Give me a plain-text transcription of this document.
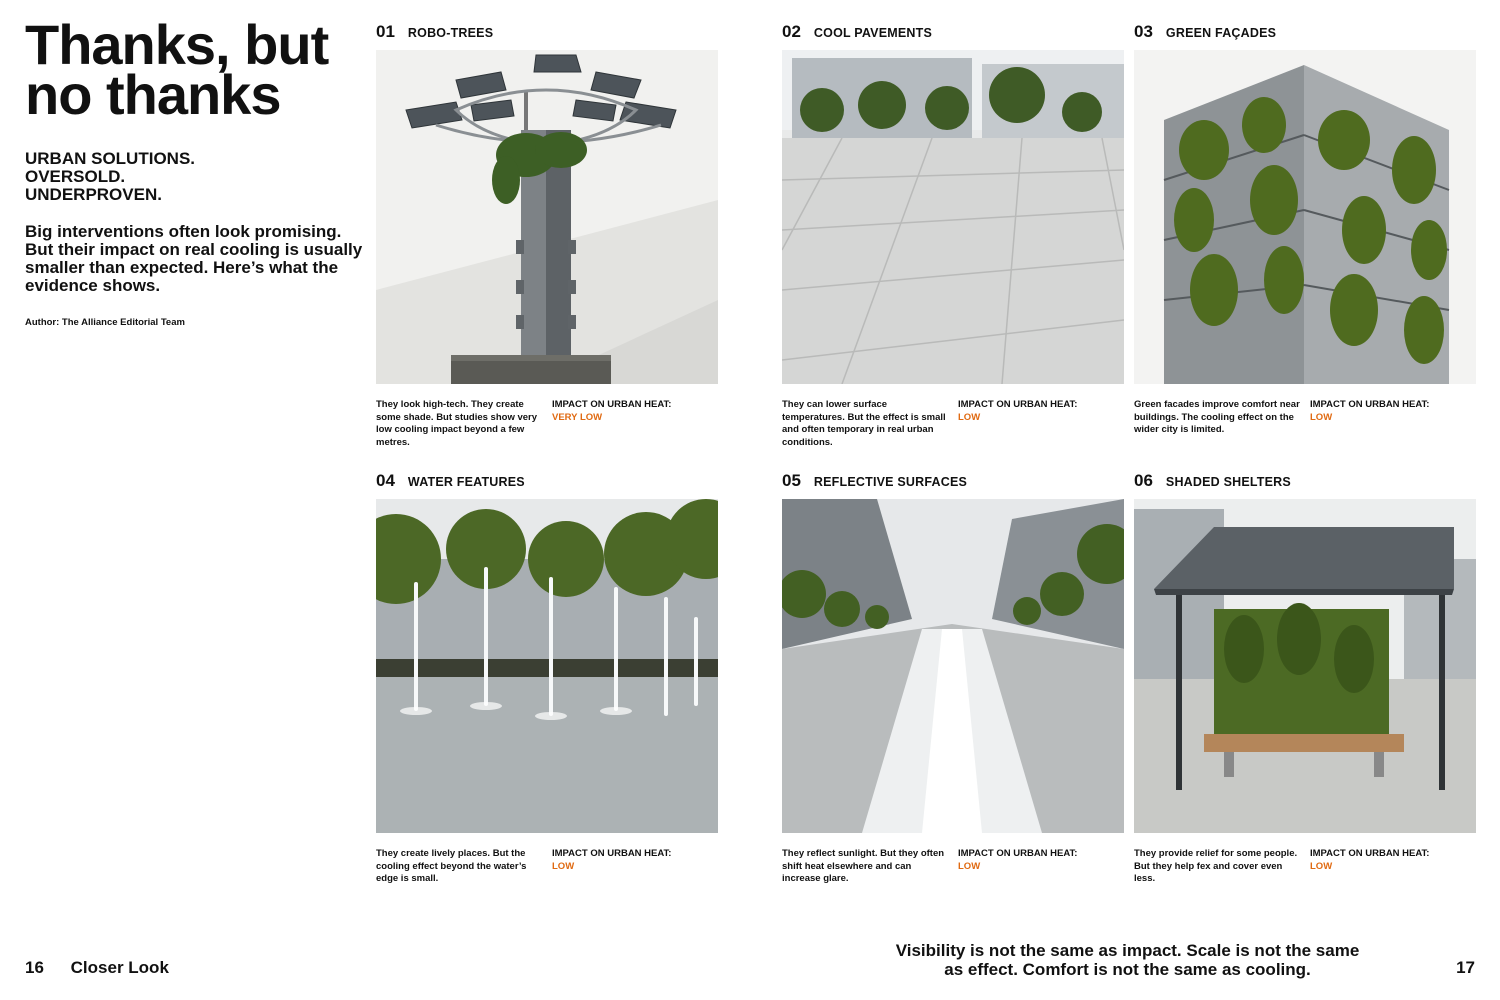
Thanks, but
no thanks
URBAN SOLUTIONS.
OVERSOLD.
UNDERPROVEN.

Big interventions often look promising. But their impact on real cooling is usually smaller than expected. Here’s what the evidence shows.

Author: The Alliance Editorial Team

01 ROBO-TREES

They look high-tech. They create some shade. But studies show very low cooling impact beyond a few metres.

IMPACT ON URBAN HEAT:
VERY LOW

02 COOL PAVEMENTS

They can lower surface temperatures. But the effect is small and often temporary in real urban conditions.

IMPACT ON URBAN HEAT:
LOW

03 GREEN FAÇADES

Green facades improve comfort near buildings. The cooling effect on the wider city is limited.

IMPACT ON URBAN HEAT:
LOW

04 WATER FEATURES

They create lively places. But the cooling effect beyond the water’s edge is small.

IMPACT ON URBAN HEAT:
LOW

05 REFLECTIVE SURFACES

They reflect sunlight. But they often shift heat elsewhere and can increase glare.

IMPACT ON URBAN HEAT:
LOW

06 SHADED SHELTERS

They provide relief for some people. But they help fex and cover even less.

IMPACT ON URBAN HEAT:
LOW

16 Closer Look
Visibility is not the same as impact. Scale is not the same
as effect. Comfort is not the same as cooling.	17
